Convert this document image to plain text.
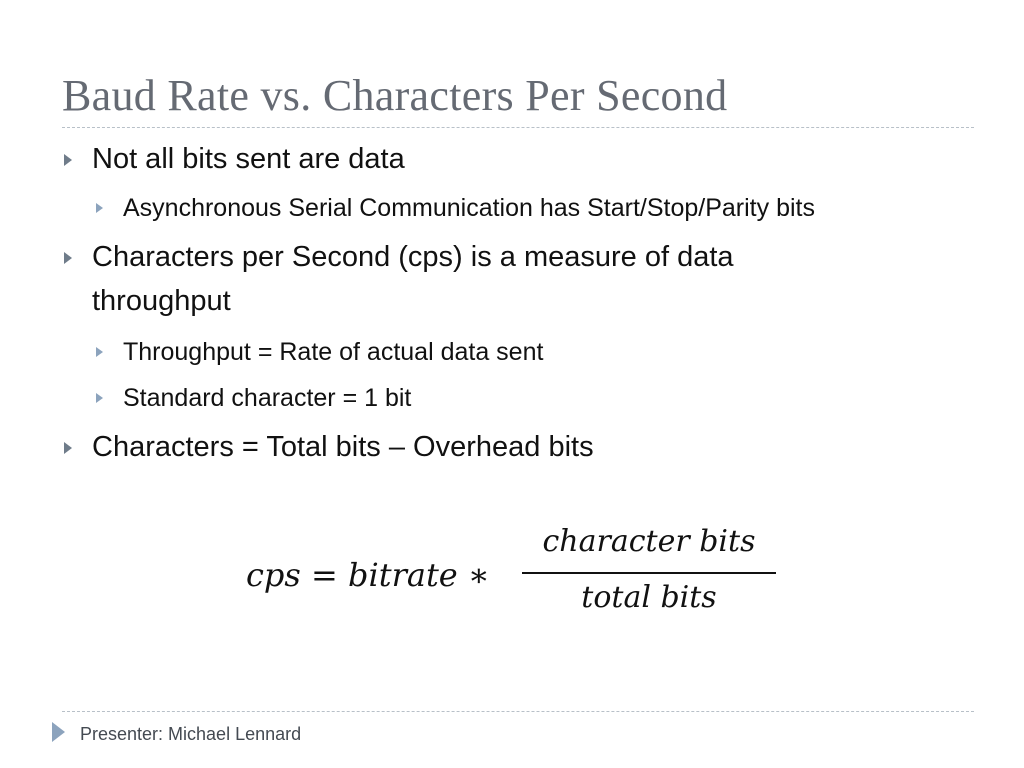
Baud Rate vs. Characters Per Second
Not all bits sent are data
Asynchronous Serial Communication has Start/Stop/Parity bits
Characters per Second (cps) is a measure of data
throughput
Throughput = Rate of actual data sent
Standard character = 1 bit
Characters = Total bits – Overhead bits
cps = bitrate ∗
character bits
total bits
Presenter: Michael Lennard
